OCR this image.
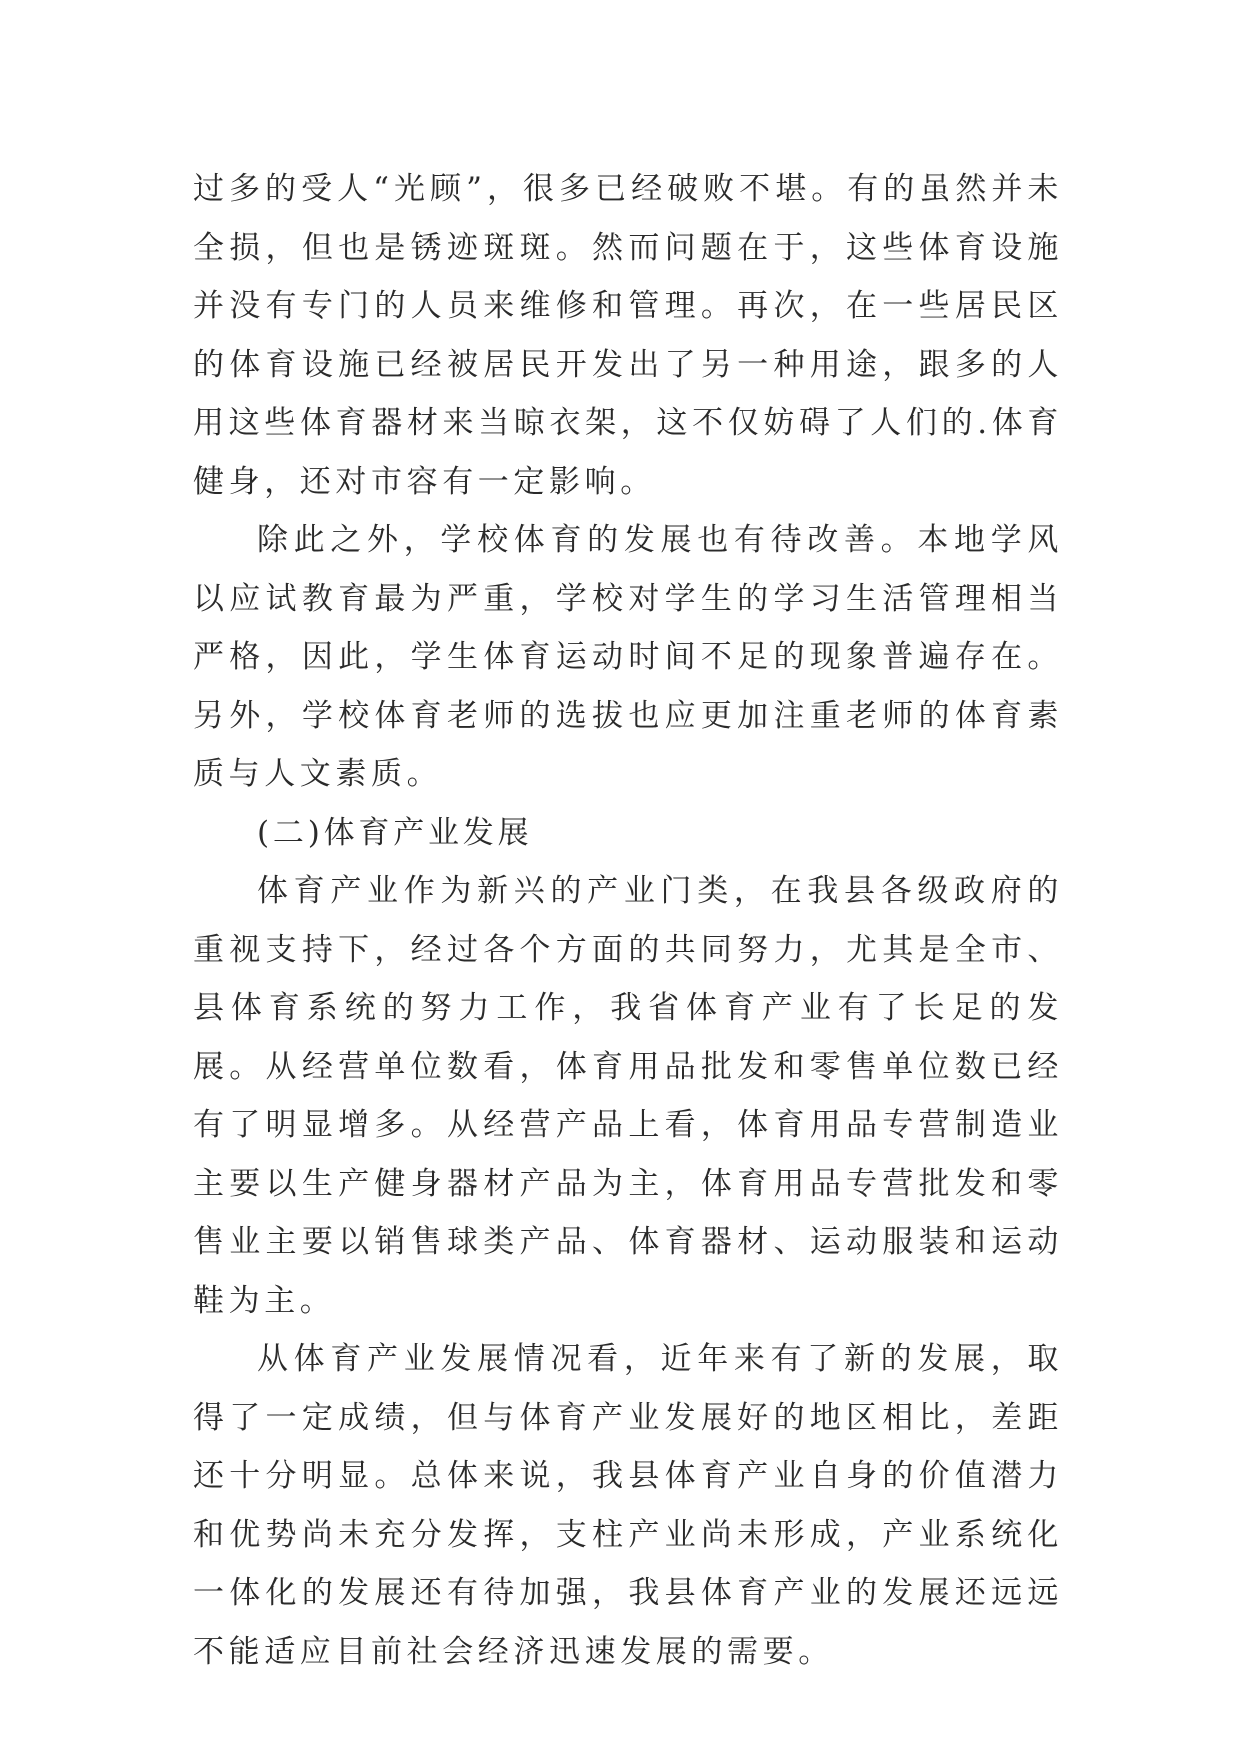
过多的受人“光顾”，很多已经破败不堪。有的虽然并未全损，但也是锈迹斑斑。然而问题在于，这些体育设施并没有专门的人员来维修和管理。再次，在一些居民区的体育设施已经被居民开发出了另一种用途，跟多的人用这些体育器材来当晾衣架，这不仅妨碍了人们的.体育健身，还对市容有一定影响。

除此之外，学校体育的发展也有待改善。本地学风以应试教育最为严重，学校对学生的学习生活管理相当严格，因此，学生体育运动时间不足的现象普遍存在。另外，学校体育老师的选拔也应更加注重老师的体育素质与人文素质。

(二)体育产业发展

体育产业作为新兴的产业门类，在我县各级政府的重视支持下，经过各个方面的共同努力，尤其是全市、县体育系统的努力工作，我省体育产业有了长足的发展。从经营单位数看，体育用品批发和零售单位数已经有了明显增多。从经营产品上看，体育用品专营制造业主要以生产健身器材产品为主，体育用品专营批发和零售业主要以销售球类产品、体育器材、运动服装和运动鞋为主。

从体育产业发展情况看，近年来有了新的发展，取得了一定成绩，但与体育产业发展好的地区相比，差距还十分明显。总体来说，我县体育产业自身的价值潜力和优势尚未充分发挥，支柱产业尚未形成，产业系统化一体化的发展还有待加强，我县体育产业的发展还远远不能适应目前社会经济迅速发展的需要。
